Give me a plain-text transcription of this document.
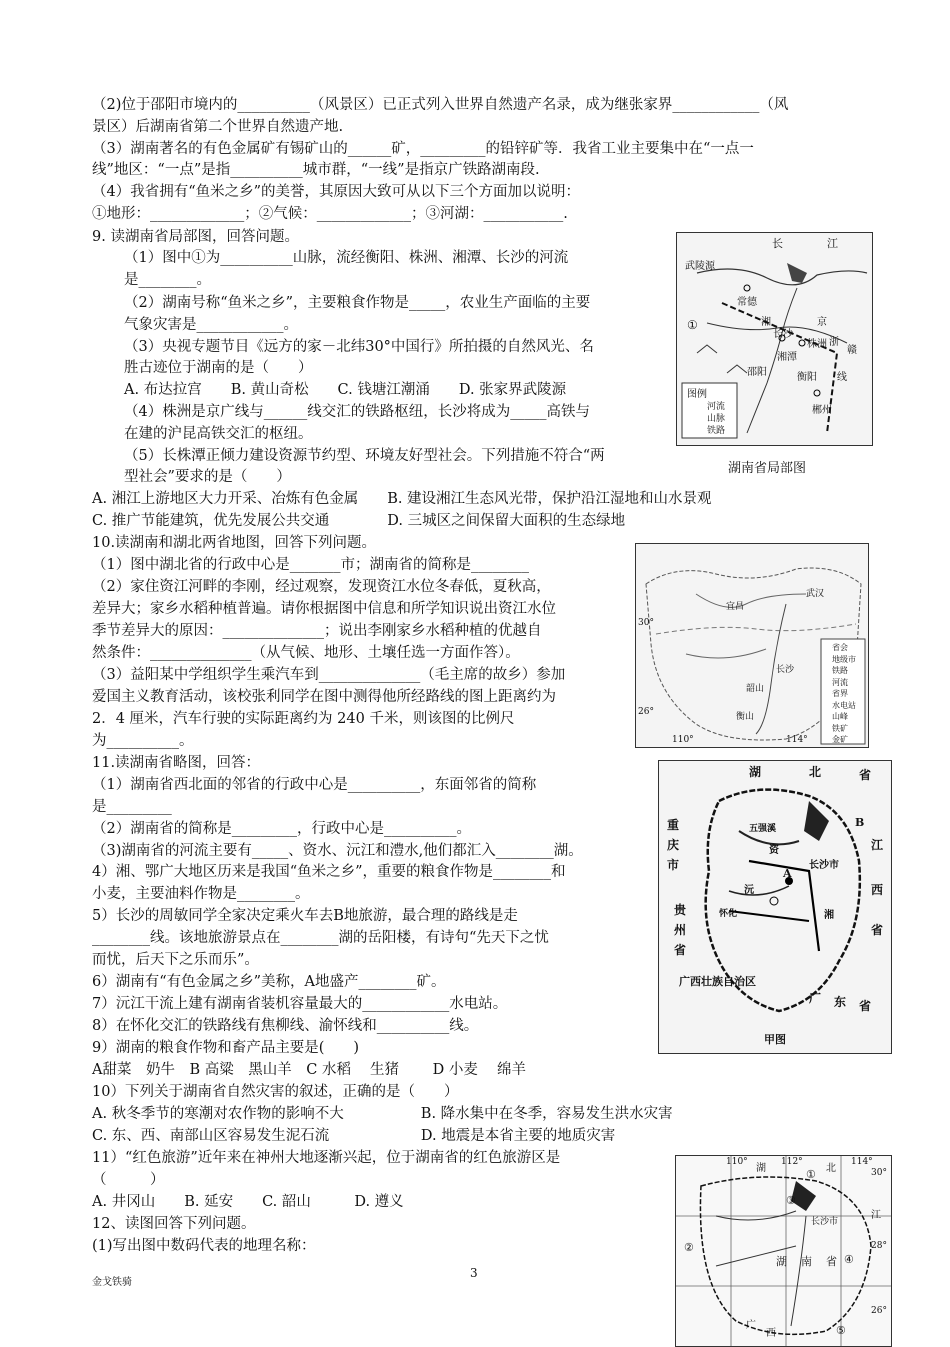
（2)位于邵阳市境内的__________（风景区）已正式列入世界自然遗产名录，成为继张家界____________（风
景区）后湖南省第二个世界自然遗产地.
（3）湖南著名的有色金属矿有锡矿山的______矿，_________的铅锌矿等．我省工业主要集中在“一点一
线”地区：“一点”是指__________城市群，“一线”是指京广铁路湖南段.
（4）我省拥有“鱼米之乡”的美誉，其原因大致可从以下三个方面加以说明：
①地形：_____________；②气候：_____________；③河湖：___________.
9. 读湖南省局部图，回答问题。
（1）图中①为__________山脉，流经衡阳、株洲、湘潭、长沙的河流
是________。
（2）湖南号称“鱼米之乡”，主要粮食作物是_____，农业生产面临的主要
气象灾害是____________。
（3）央视专题节目《远方的家－北纬30°中国行》所拍摄的自然风光、名
胜古迹位于湖南的是（　　）
A. 布达拉宫　　B. 黄山奇松　　C. 钱塘江潮涌　　D. 张家界武陵源
（4）株洲是京广线与______线交汇的铁路枢纽，长沙将成为_____高铁与
在建的沪昆高铁交汇的枢纽。
（5）长株潭正倾力建设资源节约型、环境友好型社会。下列措施不符合“两
型社会”要求的是（　　）
A. 湘江上游地区大力开采、冶炼有色金属　　B. 建设湘江生态风光带，保护沿江湿地和山水景观
C. 推广节能建筑，优先发展公共交通　　　　D. 三城区之间保留大面积的生态绿地
10.读湖南和湖北两省地图，回答下列问题。
（1）图中湖北省的行政中心是_______市；湖南省的简称是________
（2）家住资江河畔的李刚，经过观察，发现资江水位冬春低，夏秋高，
差异大；家乡水稻种植普遍。请你根据图中信息和所学知识说出资江水位
季节差异大的原因：______________；说出李刚家乡水稻种植的优越自
然条件：______________（从气候、地形、土壤任选一方面作答）。
（3）益阳某中学组织学生乘汽车到______________（毛主席的故乡）参加
爱国主义教育活动，该校张利同学在图中测得他所经路线的图上距离约为
2．4 厘米，汽车行驶的实际距离约为 240 千米，则该图的比例尺
为__________。
11.读湖南省略图，回答：
（1）湖南省西北面的邻省的行政中心是__________，东面邻省的简称
是_________
（2）湖南省的简称是_________，行政中心是__________。
（3)湖南省的河流主要有_____、资水、沅江和澧水,他们都汇入________湖。
4）湘、鄂广大地区历来是我国“鱼米之乡”，重要的粮食作物是________和
小麦，主要油料作物是________。
5）长沙的周敏同学全家决定乘火车去B地旅游，最合理的路线是走
________线。该地旅游景点在________湖的岳阳楼，有诗句“先天下之忧
而忧，后天下之乐而乐”。
6）湖南有“有色金属之乡”美称，A地盛产________矿。
7）沅江干流上建有湖南省装机容量最大的____________水电站。
8）在怀化交汇的铁路线有焦柳线、渝怀线和__________线。
9）湖南的粮食作物和畜产品主要是(　　)
A甜菜　奶牛　B 高粱　黑山羊　C 水稻　 生猪　　 D 小麦　 绵羊
10）下列关于湖南省自然灾害的叙述，正确的是（　　）
A. 秋冬季节的寒潮对农作物的影响不大　　　　　 B. 降水集中在冬季，容易发生洪水灾害
C. 东、西、南部山区容易发生泥石流　　　　　　 D. 地震是本省主要的地质灾害
11）“红色旅游”近年来在神州大地逐渐兴起，位于湖南省的红色旅游区是
（　　　）
A. 井冈山　　B. 延安　　C. 韶山　　　D. 遵义
12、读图回答下列问题。
(1)写出图中数码代表的地理名称：
长	江
武陵源
常德
京
长沙
株洲
湘潭
邵阳	衡阳
郴州
①	湘
浙
赣
线
图例
河流
山脉
铁路
湖南省局部图
30°
26°
110°	114°
武汉
宜昌
长沙
衡山
韶山
省会
地级市
铁路
河流
省界
水电站
山峰
铁矿
金矿
湖	北	省
重
庆
市
贵
州
省
江
西
省
广 东 省
广西壮族自治区
B
A
长沙市
资
沅
湘
五强溪
怀化
甲图
110°	112°	114°
湖	北	30°
28°
26°
长沙市
江
湖 南 省
广
西
①
②
③
④
⑤
金戈铁骑
3
